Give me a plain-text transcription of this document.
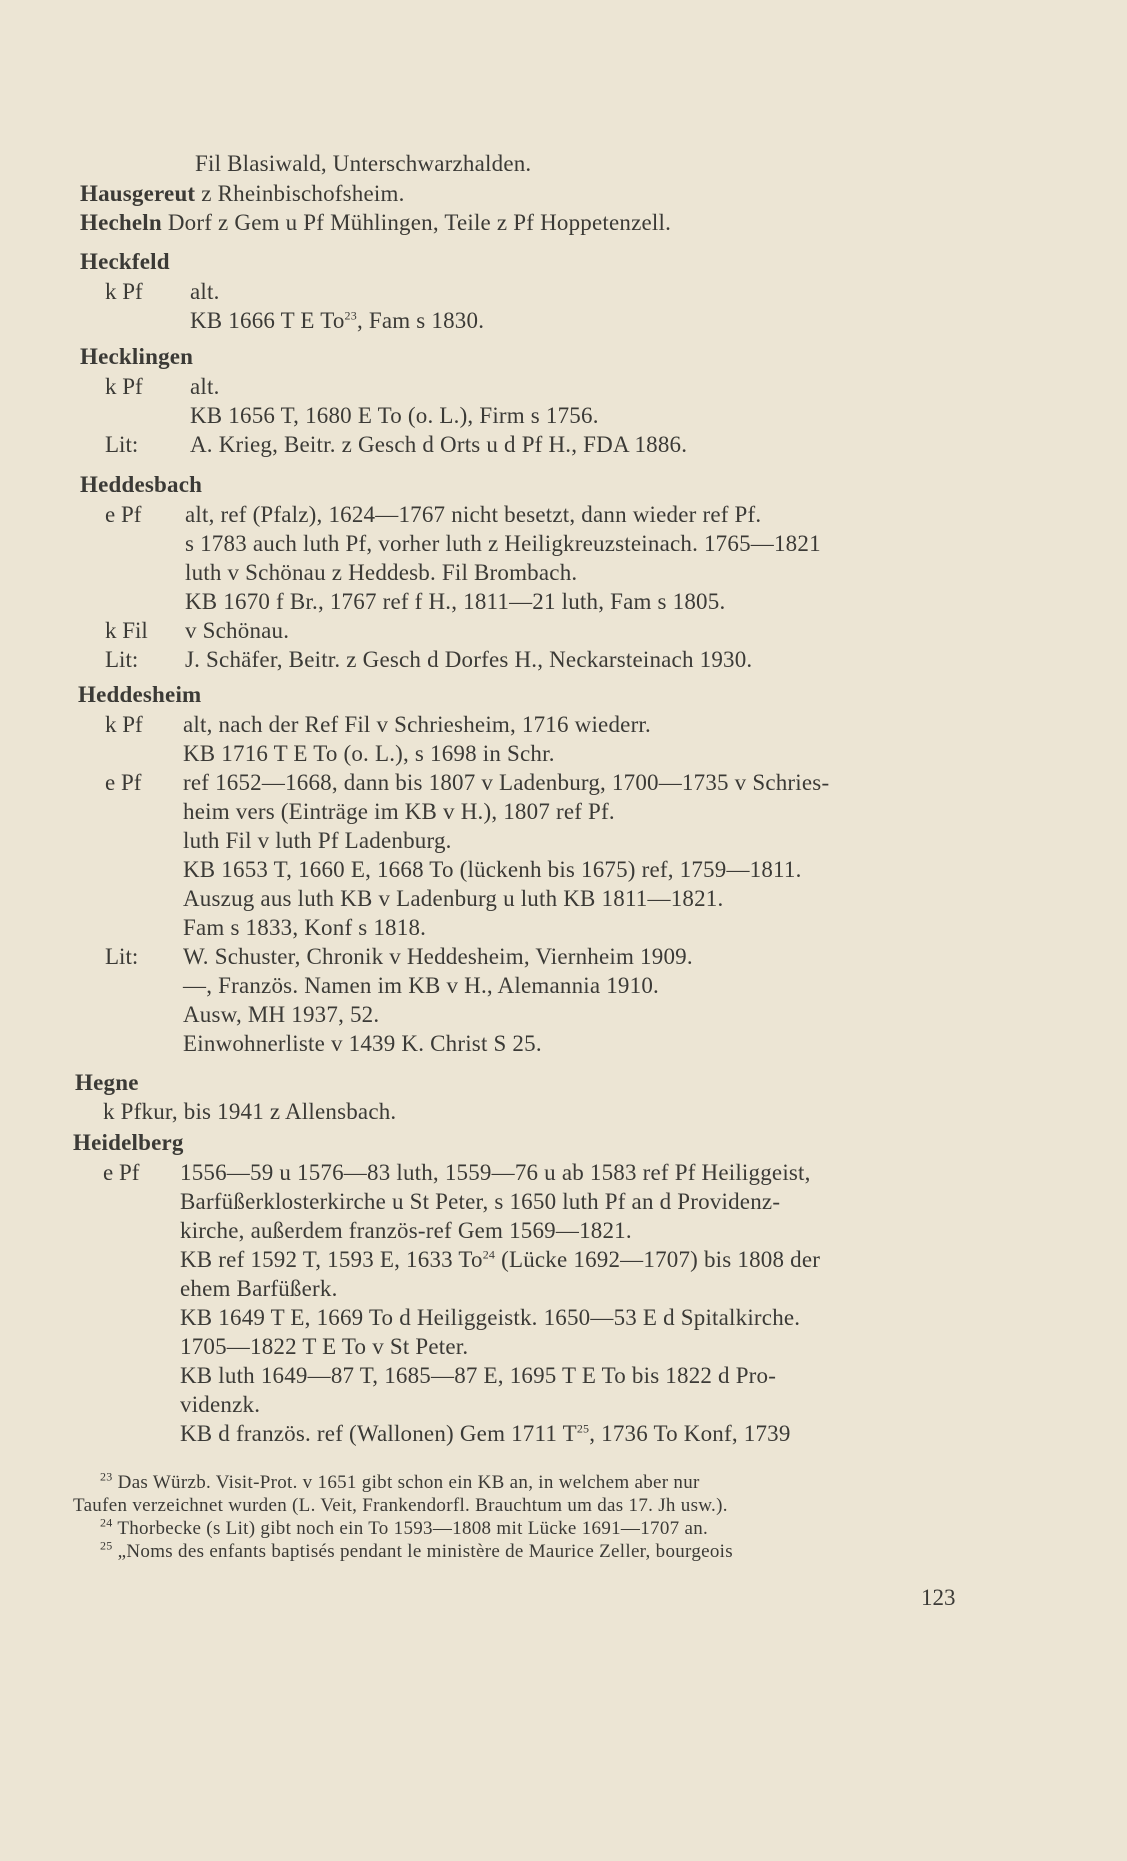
Fil Blasiwald, Unterschwarzhalden.
Hausgereut z Rheinbischofsheim.
Hecheln Dorf z Gem u Pf Mühlingen, Teile z Pf Hoppetenzell.
Heckfeld
k Pf alt.
KB 1666 T E To$^{23}$, Fam s 1830.
Hecklingen
k Pf alt.
KB 1656 T, 1680 E To (o. L.), Firm s 1756.
Lit: A. Krieg, Beitr. z Gesch d Orts u d Pf H., FDA 1886.
Heddesbach
e Pf alt, ref (Pfalz), 1624—1767 nicht besetzt, dann wieder ref Pf.
s 1783 auch luth Pf, vorher luth z Heiligkreuzsteinach. 1765—1821
luth v Schönau z Heddesb. Fil Brombach.
KB 1670 f Br., 1767 ref f H., 1811—21 luth, Fam s 1805.
k Fil v Schönau.
Lit: J. Schäfer, Beitr. z Gesch d Dorfes H., Neckarsteinach 1930.
Heddesheim
k Pf alt, nach der Ref Fil v Schriesheim, 1716 wiederr.
KB 1716 T E To (o. L.), s 1698 in Schr.
e Pf ref 1652—1668, dann bis 1807 v Ladenburg, 1700—1735 v Schries-
heim vers (Einträge im KB v H.), 1807 ref Pf.
luth Fil v luth Pf Ladenburg.
KB 1653 T, 1660 E, 1668 To (lückenh bis 1675) ref, 1759—1811.
Auszug aus luth KB v Ladenburg u luth KB 1811—1821.
Fam s 1833, Konf s 1818.
Lit: W. Schuster, Chronik v Heddesheim, Viernheim 1909.
—, Französ. Namen im KB v H., Alemannia 1910.
Ausw, MH 1937, 52.
Einwohnerliste v 1439 K. Christ S 25.
Hegne
k Pfkur, bis 1941 z Allensbach.
Heidelberg
e Pf 1556—59 u 1576—83 luth, 1559—76 u ab 1583 ref Pf Heiliggeist,
Barfüßerklosterkirche u St Peter, s 1650 luth Pf an d Providenz-
kirche, außerdem französ-ref Gem 1569—1821.
KB ref 1592 T, 1593 E, 1633 To$^{24}$ (Lücke 1692—1707) bis 1808 der
ehem Barfüßerk.
KB 1649 T E, 1669 To d Heiliggeistk. 1650—53 E d Spitalkirche.
1705—1822 T E To v St Peter.
KB luth 1649—87 T, 1685—87 E, 1695 T E To bis 1822 d Pro-
videnzk.
KB d französ. ref (Wallonen) Gem 1711 $T^{25}$, 1736 To Konf, 1739
$^{23}$ Das Würzb. Visit-Prot. v 1651 gibt schon ein KB an, in welchem aber nur
Taufen verzeichnet wurden (L. Veit, Frankendorfl. Brauchtum um das 17. Jh usw.).
$^{24}$ Thorbecke (s Lit) gibt noch ein To 1593—1808 mit Lücke 1691—1707 an.
$^{25}$ „Noms des enfants baptisés pendant le ministère de Maurice Zeller, bourgeois
123
